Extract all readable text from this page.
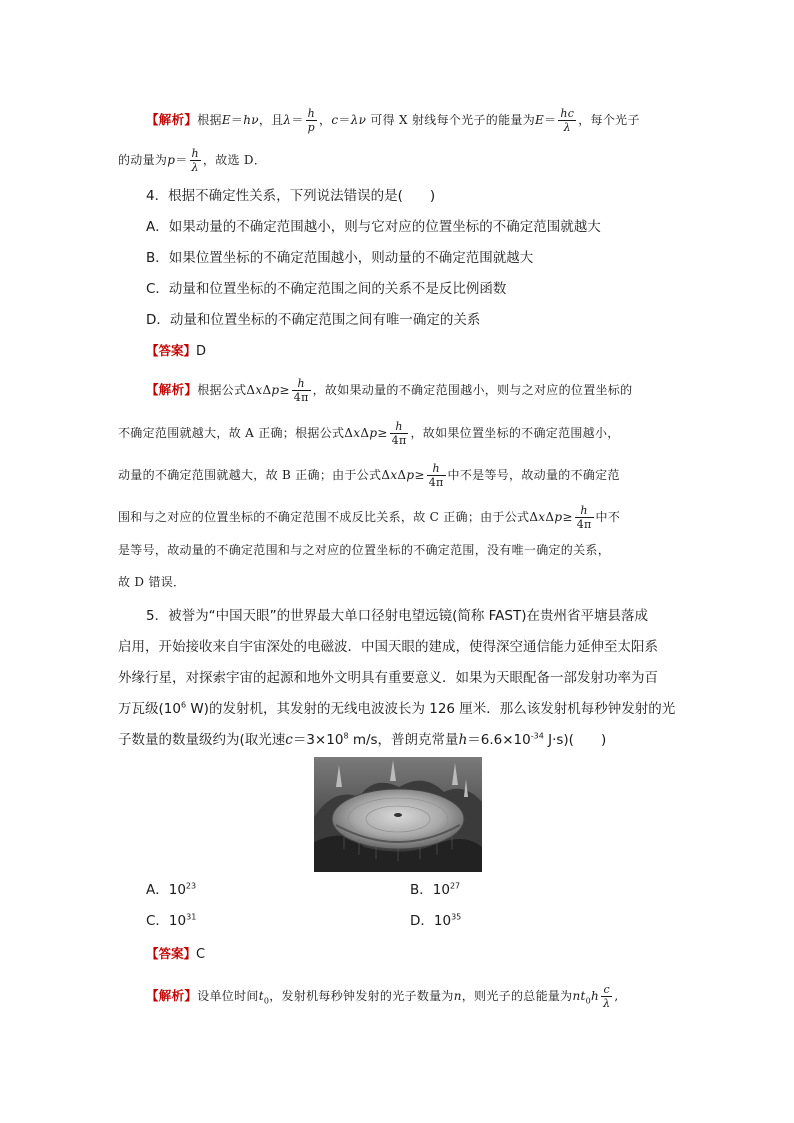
【解析】根据E＝hν，且$\lambda= \frac{h}{p}$ ，c＝λν 可得 X 射线每个光子的能量为$E= \frac{hc}{\lambda}$ ，每个光子
的动量为$p= \frac{h}{\lambda}$ ，故选 D．
4．根据不确定性关系，下列说法错误的是(　　)
A．如果动量的不确定范围越小，则与它对应的位置坐标的不确定范围就越大
B．如果位置坐标的不确定范围越小，则动量的不确定范围就越大
C．动量和位置坐标的不确定范围之间的关系不是反比例函数
D．动量和位置坐标的不确定范围之间有唯一确定的关系
【答案】D
【解析】根据公式$\Delta x\Delta p\ge \frac{h}{4\pi}$ ，故如果动量的不确定范围越小，则与之对应的位置坐标的
不确定范围就越大，故 A 正确；根据公式$\Delta x\Delta p\ge \frac{h}{4\pi}$ ，故如果位置坐标的不确定范围越小，
动量的不确定范围就越大，故 B 正确；由于公式$\Delta x\Delta p\ge \frac{h}{4\pi}$ 中不是等号，故动量的不确定范
围和与之对应的位置坐标的不确定范围不成反比关系，故 C 正确；由于公式$\Delta x\Delta p\ge \frac{h}{4\pi}$ 中不
是等号，故动量的不确定范围和与之对应的位置坐标的不确定范围，没有唯一确定的关系，
故 D 错误．
5．被誉为“中国天眼”的世界最大单口径射电望远镜(简称 FAST)在贵州省平塘县落成
启用，开始接收来自宇宙深处的电磁波．中国天眼的建成，使得深空通信能力延伸至太阳系
外缘行星，对探索宇宙的起源和地外文明具有重要意义．如果为天眼配备一部发射功率为百
万瓦级($10^6$ W)的发射机，其发射的无线电波波长为 126 厘米．那么该发射机每秒钟发射的光
子数量的数量级约为(取光速$c=3\times 10^8$ m/s，普朗克常量$h=6.6\times 10^{-34}$ J·s)(　　)
A．$10^{23}$	B．$10^{27}$
C．$10^{31}$	D．$10^{35}$
【答案】C
【解析】设单位时间$t_0$，发射机每秒钟发射的光子数量为n，则光子的总能量为$nt_0h \frac{c}{\lambda}$ ,
